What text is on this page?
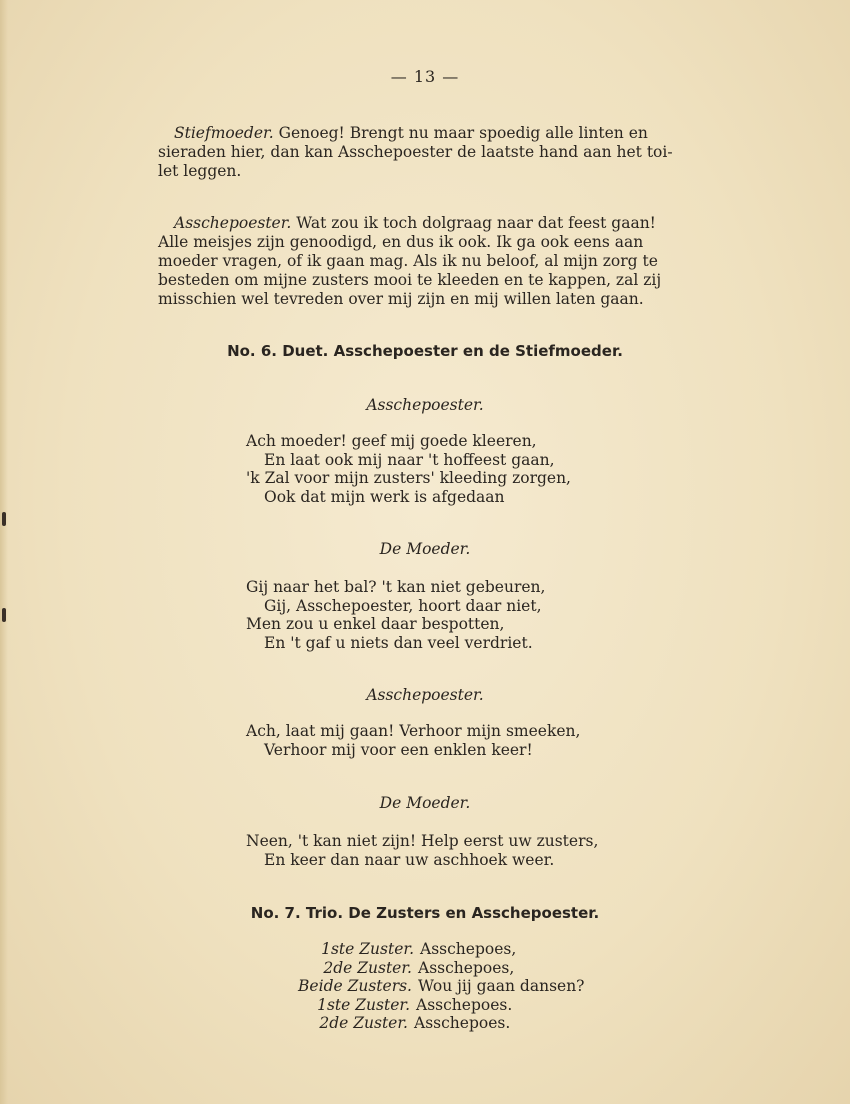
— 13 —

Stiefmoeder. Genoeg! Brengt nu maar spoedig alle linten en
sieraden hier, dan kan Asschepoester de laatste hand aan het toi-
let leggen.

Asschepoester. Wat zou ik toch dolgraag naar dat feest gaan!
Alle meisjes zijn genoodigd, en dus ik ook. Ik ga ook eens aan
moeder vragen, of ik gaan mag. Als ik nu beloof, al mijn zorg te
besteden om mijne zusters mooi te kleeden en te kappen, zal zij
misschien wel tevreden over mij zijn en mij willen laten gaan.

No. 6. Duet. Asschepoester en de Stiefmoeder.

Asschepoester.

Ach moeder! geef mij goede kleeren,
En laat ook mij naar 't hoffeest gaan,
'k Zal voor mijn zusters' kleeding zorgen,
Ook dat mijn werk is afgedaan

De Moeder.

Gij naar het bal? 't kan niet gebeuren,
Gij, Asschepoester, hoort daar niet,
Men zou u enkel daar bespotten,
En 't gaf u niets dan veel verdriet.

Asschepoester.

Ach, laat mij gaan! Verhoor mijn smeeken,
Verhoor mij voor een enklen keer!

De Moeder.

Neen, 't kan niet zijn! Help eerst uw zusters,
En keer dan naar uw aschhoek weer.

No. 7. Trio. De Zusters en Asschepoester.

1ste Zuster. Asschepoes,
2de Zuster. Asschepoes,
Beide Zusters. Wou jij gaan dansen?
1ste Zuster. Asschepoes.
2de Zuster. Asschepoes.
